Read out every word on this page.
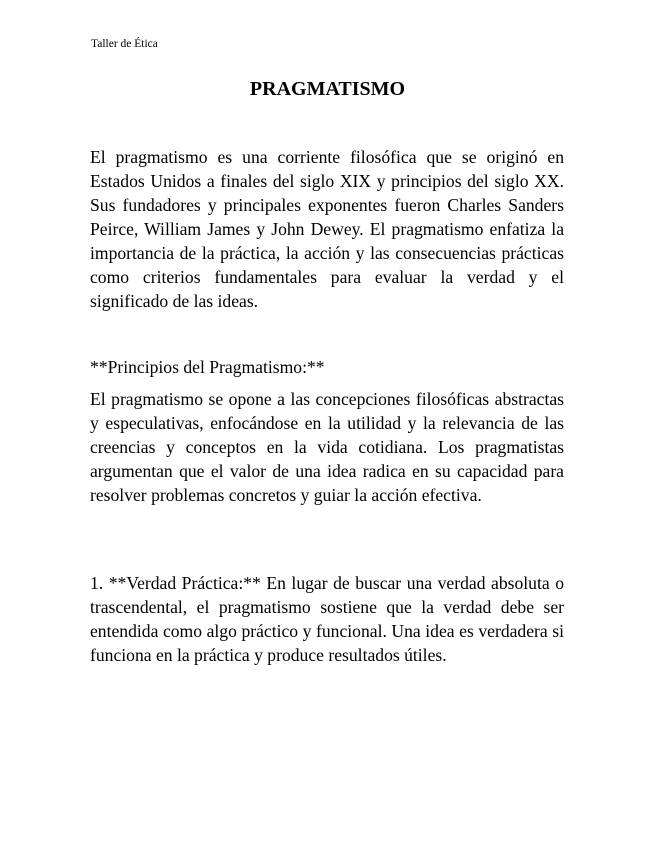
Taller de Ética
PRAGMATISMO

El pragmatismo es una corriente filosófica que se originó en Estados Unidos a finales del siglo XIX y principios del siglo XX. Sus fundadores y principales exponentes fueron Charles Sanders Peirce, William James y John Dewey. El pragmatismo enfatiza la importancia de la práctica, la acción y las consecuencias prácticas como criterios fundamentales para evaluar la verdad y el significado de las ideas.

**Principios del Pragmatismo:**

El pragmatismo se opone a las concepciones filosóficas abstractas y especulativas, enfocándose en la utilidad y la relevancia de las creencias y conceptos en la vida cotidiana. Los pragmatistas argumentan que el valor de una idea radica en su capacidad para resolver problemas concretos y guiar la acción efectiva.

1. **Verdad Práctica:** En lugar de buscar una verdad absoluta o trascendental, el pragmatismo sostiene que la verdad debe ser entendida como algo práctico y funcional. Una idea es verdadera si funciona en la práctica y produce resultados útiles.
